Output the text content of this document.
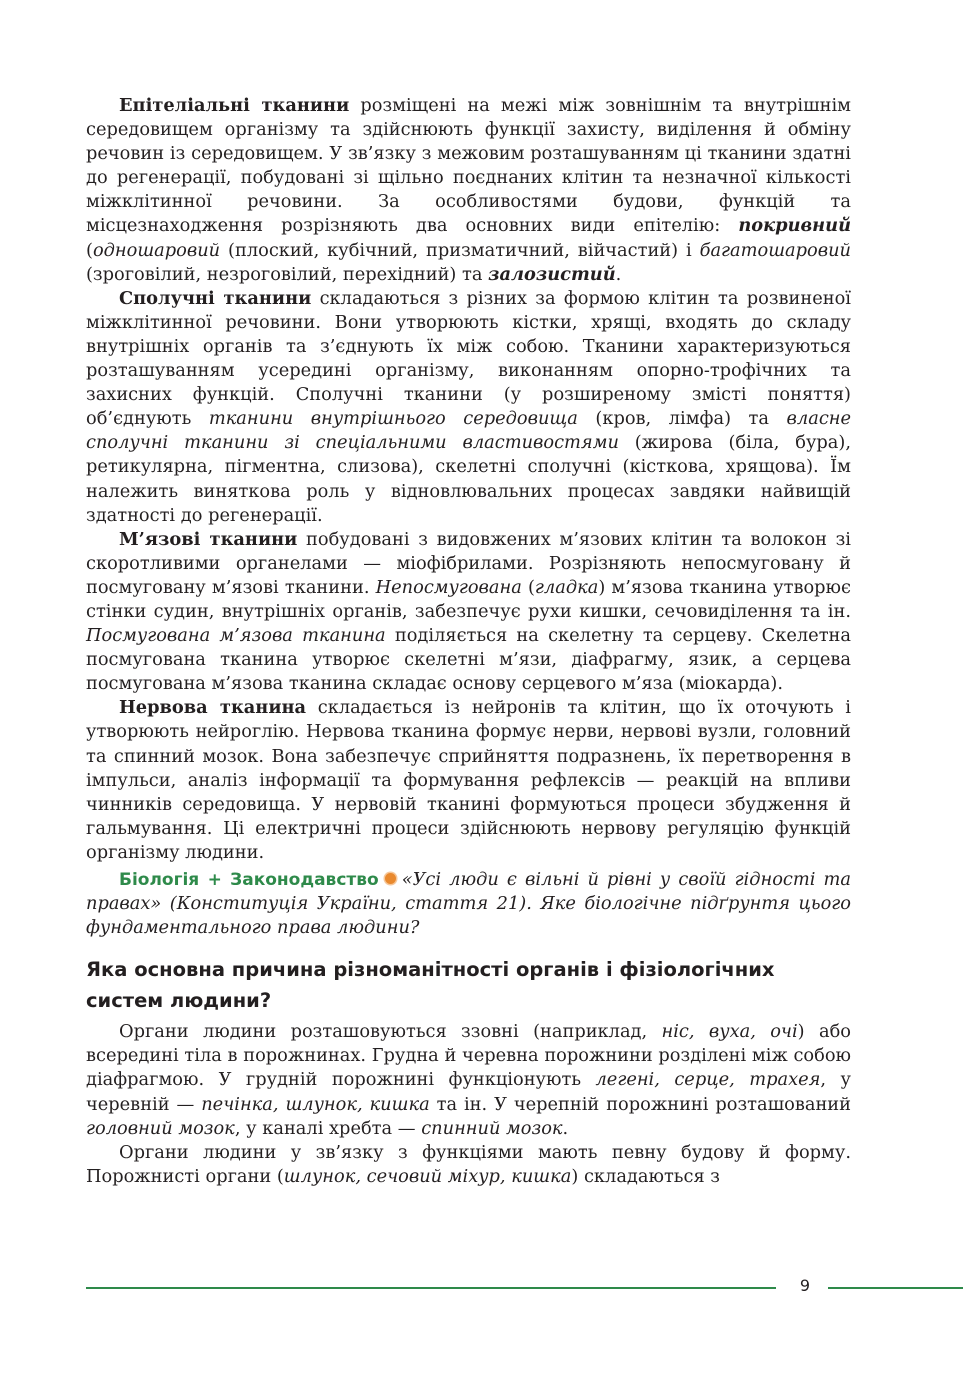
Епітеліальні тканини розміщені на межі між зовнішнім та внутрішнім середовищем організму та здійснюють функції захисту, виділення й обміну речовин із середовищем. У зв’язку з межовим розташуванням ці тканини здатні до регенерації, побудовані зі щільно поєднаних клітин та незначної кількості міжклітинної речовини. За особливостями будови, функцій та місцезнаходження розрізняють два основних види епітелію: покривний (одношаровий (плоский, кубічний, призматичний, війчастий) і багатошаровий (зроговілий, незроговілий, перехідний) та залозистий.

Сполучні тканини складаються з різних за формою клітин та розвиненої міжклітинної речовини. Вони утворюють кістки, хрящі, входять до складу внутрішніх органів та з’єднують їх між собою. Тканини характеризуються розташуванням усередині організму, виконанням опорно-трофічних та захисних функцій. Сполучні тканини (у розширеному змісті поняття) об’єднують тканини внутрішнього середовища (кров, лімфа) та власне сполучні тканини зі спеціальними властивостями (жирова (біла, бура), ретикулярна, пігментна, слизова), скелетні сполучні (кісткова, хрящова). Їм належить виняткова роль у відновлювальних процесах завдяки найвищій здатності до регенерації.

М’язові тканини побудовані з видовжених м’язових клітин та волокон зі скоротливими органелами — міофібрилами. Розрізняють непосмуговану й посмуговану м’язові тканини. Непосмугована (гладка) м’язова тканина утворює стінки судин, внутрішніх органів, забезпечує рухи кишки, сечовиділення та ін. Посмугована м’язова тканина поділяється на скелетну та серцеву. Скелетна посмугована тканина утворює скелетні м’язи, діафрагму, язик, а серцева посмугована м’язова тканина складає основу серцевого м’яза (міокарда).

Нервова тканина складається із нейронів та клітин, що їх оточують і утворюють нейроглію. Нервова тканина формує нерви, нервові вузли, головний та спинний мозок. Вона забезпечує сприйняття подразнень, їх перетворення в імпульси, аналіз інформації та формування рефлексів — реакцій на впливи чинників середовища. У нервовій тканині формуються процеси збудження й гальмування. Ці електричні процеси здійснюють нервову регуляцію функцій організму людини.

Біологія + Законодавство «Усі люди є вільні й рівні у своїй гідності та правах» (Конституція України, стаття 21). Яке біологічне підґрунтя цього фундаментального права людини?

Яка основна причина різноманітності органів і фізіологічних систем людини?

Органи людини розташовуються ззовні (наприклад, ніс, вуха, очі) або всередині тіла в порожнинах. Грудна й черевна порожнини розділені між собою діафрагмою. У грудній порожнині функціонують легені, серце, трахея, у черевній — печінка, шлунок, кишка та ін. У черепній порожнині розташований головний мозок, у каналі хребта — спинний мозок.

Органи людини у зв’язку з функціями мають певну будову й форму. Порожнисті органи (шлунок, сечовий міхур, кишка) складаються з

9
